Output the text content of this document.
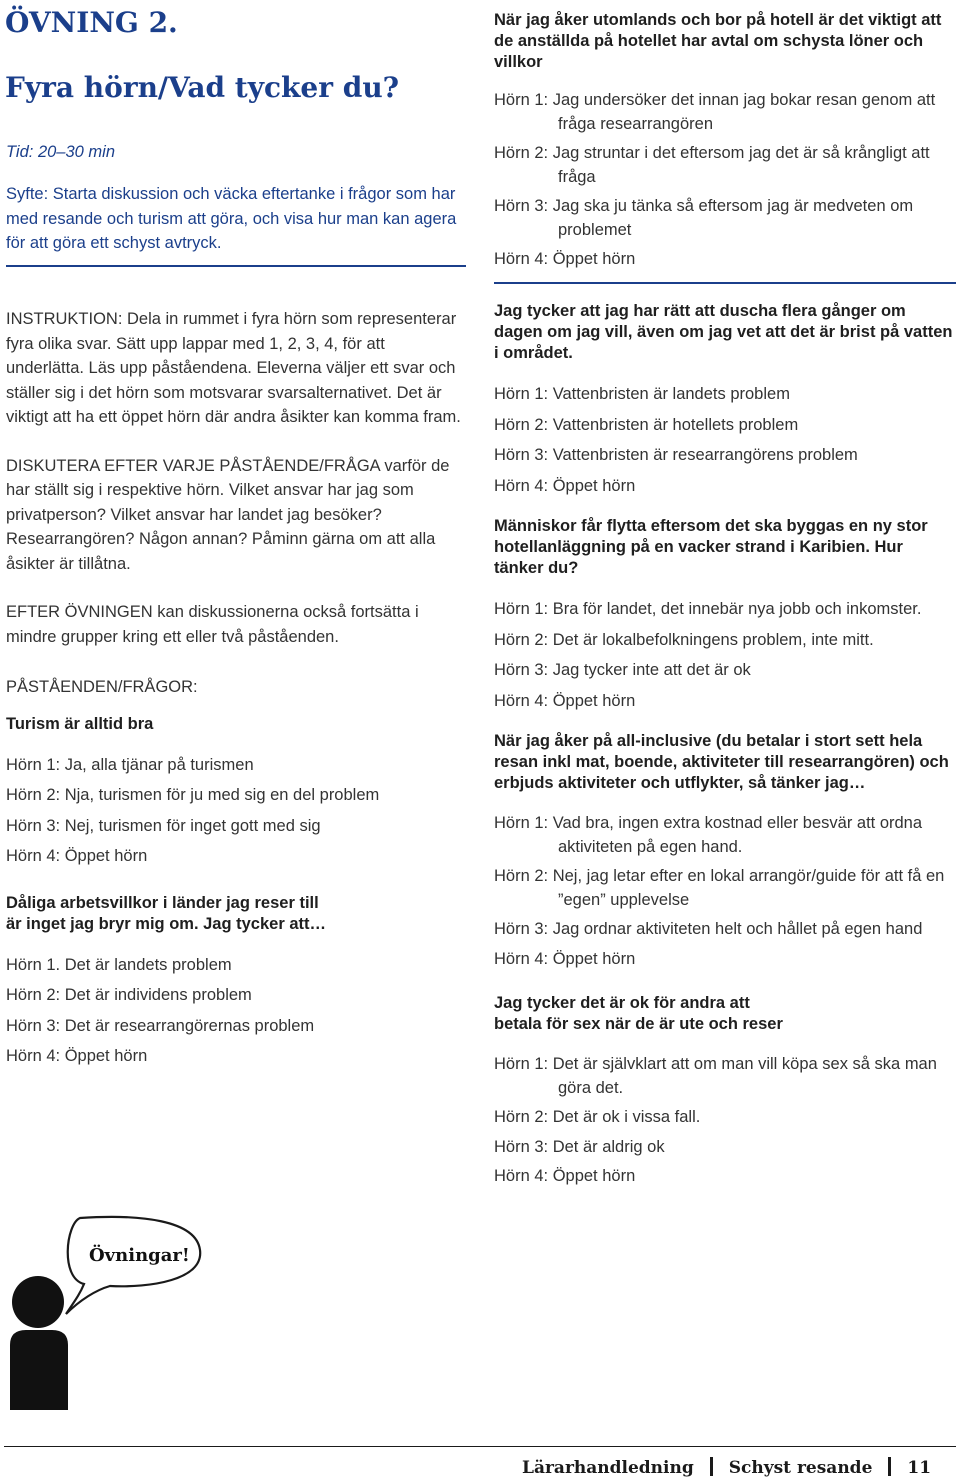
ÖVNING 2.
Fyra hörn/Vad tycker du?
Tid: 20–30 min
Syfte: Starta diskussion och väcka eftertanke i frågor som har med resande och turism att göra, och visa hur man kan agera för att göra ett schyst avtryck.

INSTRUKTION: Dela in rummet i fyra hörn som representerar fyra olika svar. Sätt upp lappar med 1, 2, 3, 4, för att underlätta. Läs upp påståendena. Eleverna väljer ett svar och ställer sig i det hörn som motsvarar svarsalternativet. Det är viktigt att ha ett öppet hörn där andra åsikter kan komma fram.

DISKUTERA EFTER VARJE PÅSTÅENDE/FRÅGA varför de har ställt sig i respektive hörn. Vilket ansvar har jag som privatperson? Vilket ansvar har landet jag besöker? Researrangören? Någon annan? Påminn gärna om att alla åsikter är tillåtna.

EFTER ÖVNINGEN kan diskussionerna också fortsätta i mindre grupper kring ett eller två påståenden.

PÅSTÅENDEN/FRÅGOR:

Turism är alltid bra

Hörn 1: Ja, alla tjänar på turismen

Hörn 2: Nja, turismen för ju med sig en del problem

Hörn 3: Nej, turismen för inget gott med sig

Hörn 4: Öppet hörn

Dåliga arbetsvillkor i länder jag reser till
är inget jag bryr mig om. Jag tycker att…

Hörn 1. Det är landets problem

Hörn 2: Det är individens problem

Hörn 3: Det är researrangörernas problem

Hörn 4: Öppet hörn

Övningar!

När jag åker utomlands och bor på hotell är det viktigt att de anställda på hotellet har avtal om schysta löner och villkor

Hörn 1: Jag undersöker det innan jag bokar resan genom att fråga researrangören

Hörn 2: Jag struntar i det eftersom jag det är så krångligt att fråga

Hörn 3: Jag ska ju tänka så eftersom jag är medveten om problemet

Hörn 4: Öppet hörn

Jag tycker att jag har rätt att duscha flera gånger om dagen om jag vill, även om jag vet att det är brist på vatten i området.

Hörn 1: Vattenbristen är landets problem

Hörn 2: Vattenbristen är hotellets problem

Hörn 3: Vattenbristen är researrangörens problem

Hörn 4: Öppet hörn

Människor får flytta eftersom det ska byggas en ny stor hotellanläggning på en vacker strand i Karibien. Hur tänker du?

Hörn 1: Bra för landet, det innebär nya jobb och inkomster.

Hörn 2: Det är lokalbefolkningens problem, inte mitt.

Hörn 3: Jag tycker inte att det är ok

Hörn 4: Öppet hörn

När jag åker på all-inclusive (du betalar i stort sett hela resan inkl mat, boende, aktiviteter till researrangören) och erbjuds aktiviteter och utflykter, så tänker jag…

Hörn 1: Vad bra, ingen extra kostnad eller besvär att ordna aktiviteten på egen hand.

Hörn 2: Nej, jag letar efter en lokal arrangör/guide för att få en ”egen” upplevelse

Hörn 3: Jag ordnar aktiviteten helt och hållet på egen hand

Hörn 4: Öppet hörn

Jag tycker det är ok för andra att
betala för sex när de är ute och reser

Hörn 1: Det är självklart att om man vill köpa sex så ska man göra det.

Hörn 2: Det är ok i vissa fall.

Hörn 3: Det är aldrig ok

Hörn 4: Öppet hörn

Lärarhandledning Schyst resande 11
